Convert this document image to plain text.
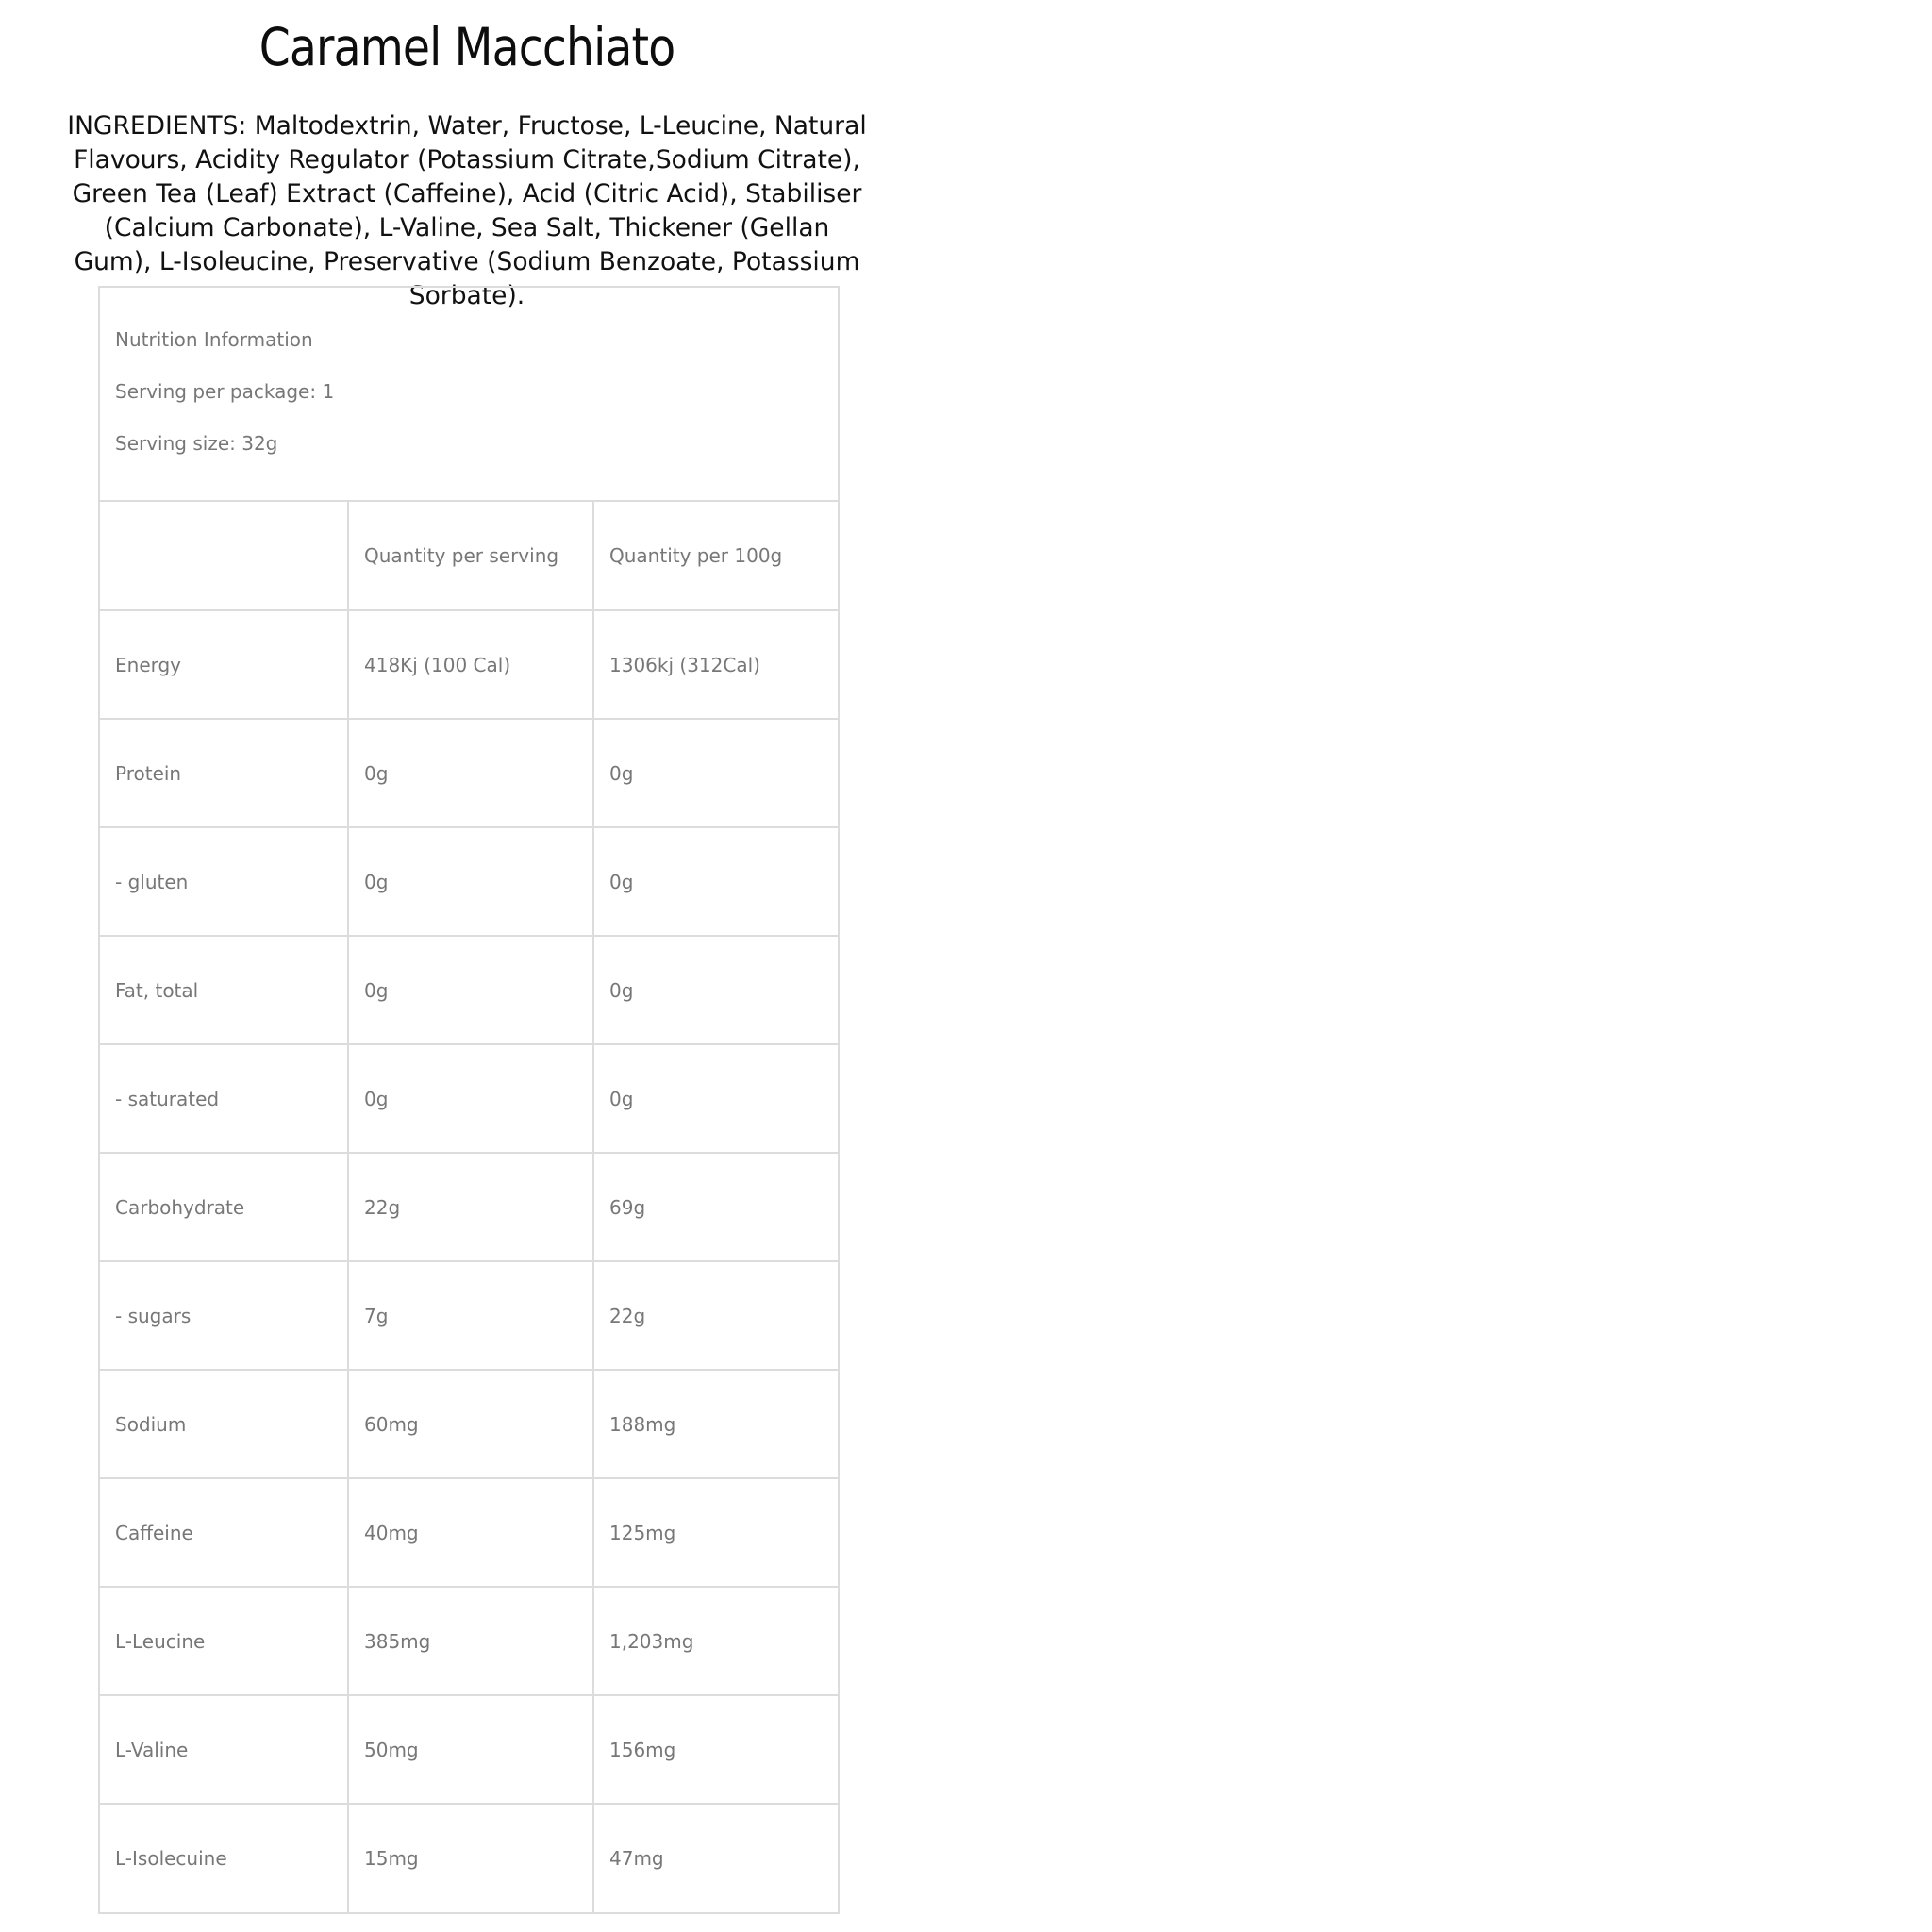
Caramel Macchiato
INGREDIENTS: Maltodextrin, Water, Fructose, L-Leucine, Natural Flavours, Acidity Regulator (Potassium Citrate,Sodium Citrate), Green Tea (Leaf) Extract (Caffeine), Acid (Citric Acid), Stabiliser (Calcium Carbonate), L-Valine, Sea Salt, Thickener (Gellan Gum), L-Isoleucine, Preservative (Sodium Benzoate, Potassium Sorbate).
Nutrition Information
Serving per package: 1
Serving size: 32g
	Quantity per serving	Quantity per 100g
Energy	418Kj (100 Cal)	1306kj (312Cal)
Protein	0g	0g
- gluten	0g	0g
Fat, total	0g	0g
- saturated	0g	0g
Carbohydrate	22g	69g
- sugars	7g	22g
Sodium	60mg	188mg
Caffeine	40mg	125mg
L-Leucine	385mg	1,203mg
L-Valine	50mg	156mg
L-Isolecuine	15mg	47mg
